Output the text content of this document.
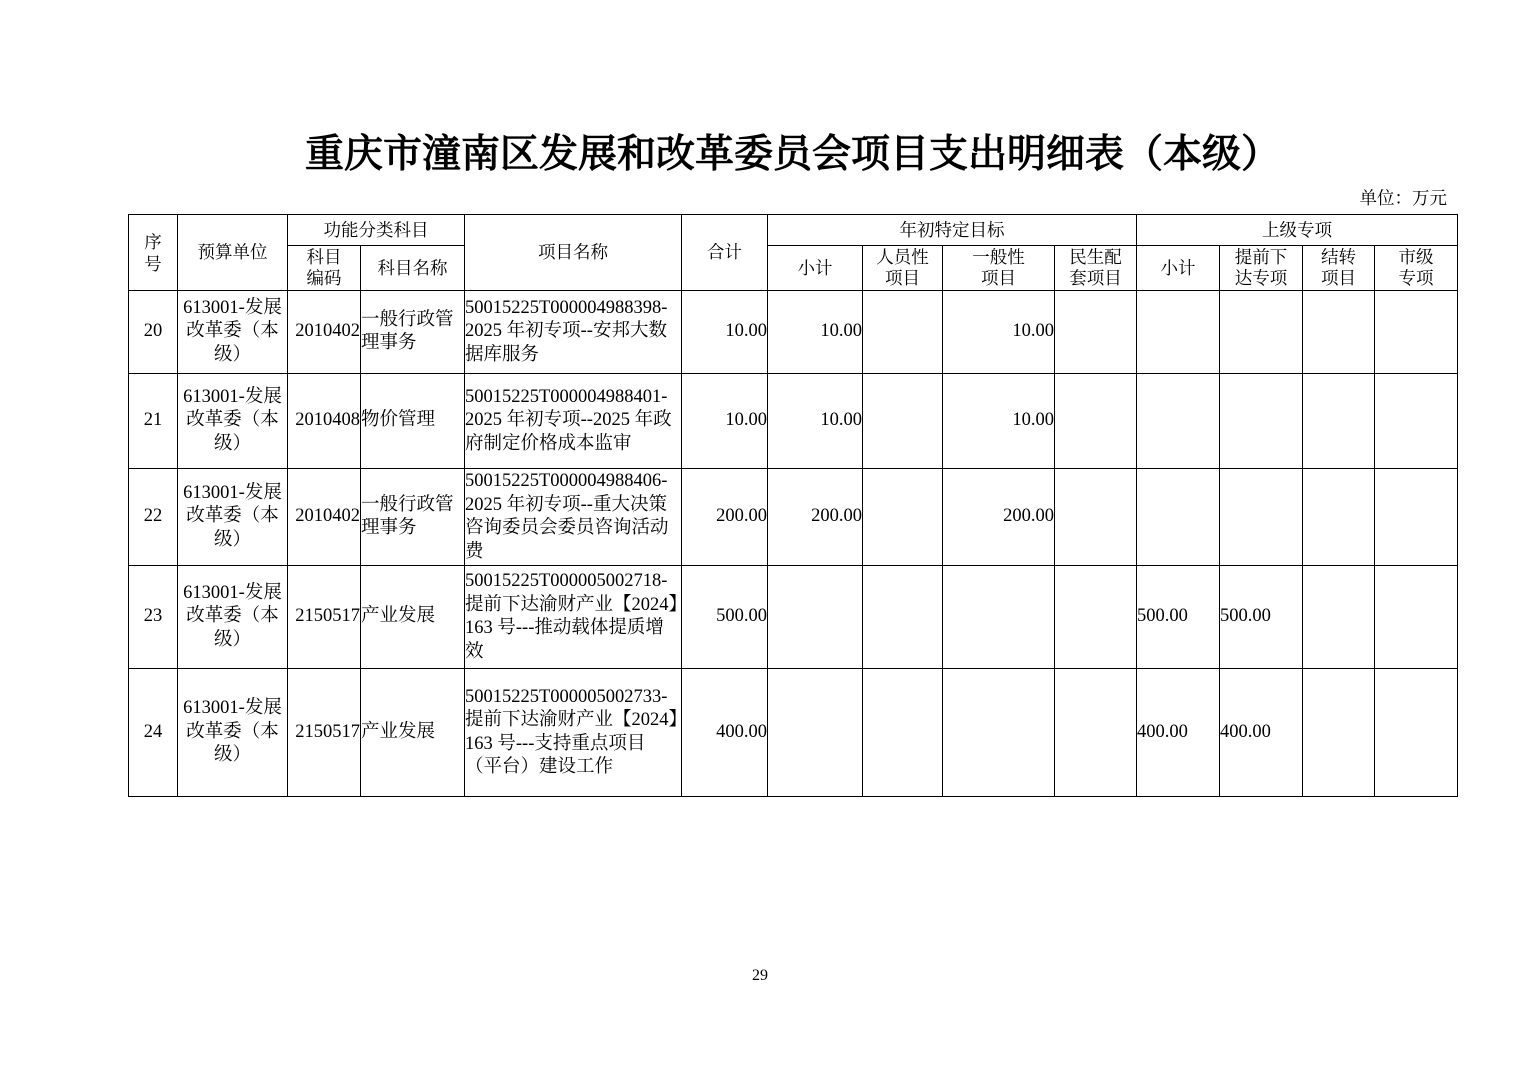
重庆市潼南区发展和改革委员会项目支出明细表（本级）
单位：万元
序号	预算单位	功能分类科目		项目名称	合计	年初特定目标				上级专项			
		科目编码	科目名称			小计	人员性项目	一般性项目	民生配套项目	小计	提前下达专项	结转项目	市级专项
20	613001-发展改革委（本级）	2010402	一般行政管理事务	50015225T000004988398-2025 年初专项--安邦大数据库服务	10.00	10.00		10.00					
21	613001-发展改革委（本级）	2010408	物价管理	50015225T000004988401-2025 年初专项--2025 年政府制定价格成本监审	10.00	10.00		10.00					
22	613001-发展改革委（本级）	2010402	一般行政管理事务	50015225T000004988406-2025 年初专项--重大决策咨询委员会委员咨询活动费	200.00	200.00		200.00					
23	613001-发展改革委（本级）	2150517	产业发展	50015225T000005002718-提前下达渝财产业【2024】163 号---推动载体提质增效	500.00					500.00	500.00		
24	613001-发展改革委（本级）	2150517	产业发展	50015225T000005002733-提前下达渝财产业【2024】163 号---支持重点项目（平台）建设工作	400.00					400.00	400.00		
29
